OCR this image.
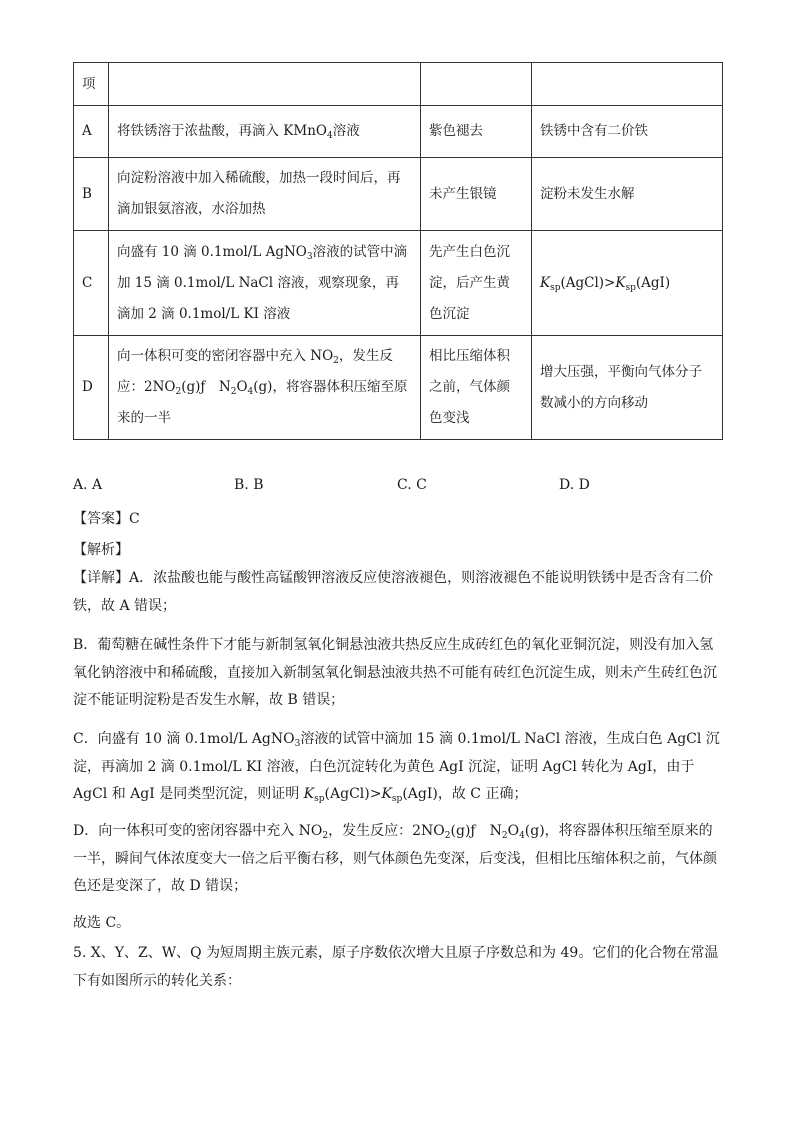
项			
A	将铁锈溶于浓盐酸，再滴入 KMnO$_4$溶液	紫色褪去	铁锈中含有二价铁
B	向淀粉溶液中加入稀硫酸，加热一段时间后，再滴加银氨溶液，水浴加热	未产生银镜	淀粉未发生水解
C	向盛有 10 滴 0.1mol/L AgNO$_3$溶液的试管中滴加 15 滴 0.1mol/L NaCl 溶液，观察现象，再滴加 2 滴 0.1mol/L KI 溶液	先产生白色沉淀，后产生黄色沉淀	$K_{sp}(AgCl)>K_{sp}(AgI)$
D	向一体积可变的密闭容器中充入 $NO_2$，发生反应：$2NO_2(g)ƒ$　$N_2O_4(g)$，将容器体积压缩至原来的一半	相比压缩体积之前，气体颜色变浅	增大压强，平衡向气体分子数减小的方向移动
A. A	B. B	C. C	D. D
【答案】C
【解析】
【详解】A．浓盐酸也能与酸性高锰酸钾溶液反应使溶液褪色，则溶液褪色不能说明铁锈中是否含有二价铁，故 A 错误；
B．葡萄糖在碱性条件下才能与新制氢氧化铜悬浊液共热反应生成砖红色的氧化亚铜沉淀，则没有加入氢氧化钠溶液中和稀硫酸，直接加入新制氢氧化铜悬浊液共热不可能有砖红色沉淀生成，则未产生砖红色沉淀不能证明淀粉是否发生水解，故 B 错误；
C．向盛有 10 滴 0.1mol/L AgNO$_3$溶液的试管中滴加 15 滴 0.1mol/L NaCl 溶液，生成白色 AgCl 沉淀，再滴加 2 滴 0.1mol/L KI 溶液，白色沉淀转化为黄色 AgI 沉淀，证明 AgCl 转化为 AgI，由于 AgCl 和 AgI 是同类型沉淀，则证明 $K_{sp}(AgCl)>K_{sp}(AgI)$，故 C 正确；
D．向一体积可变的密闭容器中充入 $NO_2$，发生反应：$2NO_2(g)ƒ$　$N_2O_4(g)$，将容器体积压缩至原来的一半，瞬间气体浓度变大一倍之后平衡右移，则气体颜色先变深，后变浅，但相比压缩体积之前，气体颜色还是变深了，故 D 错误；
故选 C。
5. X、Y、Z、W、Q 为短周期主族元素，原子序数依次增大且原子序数总和为 49。它们的化合物在常温下有如图所示的转化关系：
